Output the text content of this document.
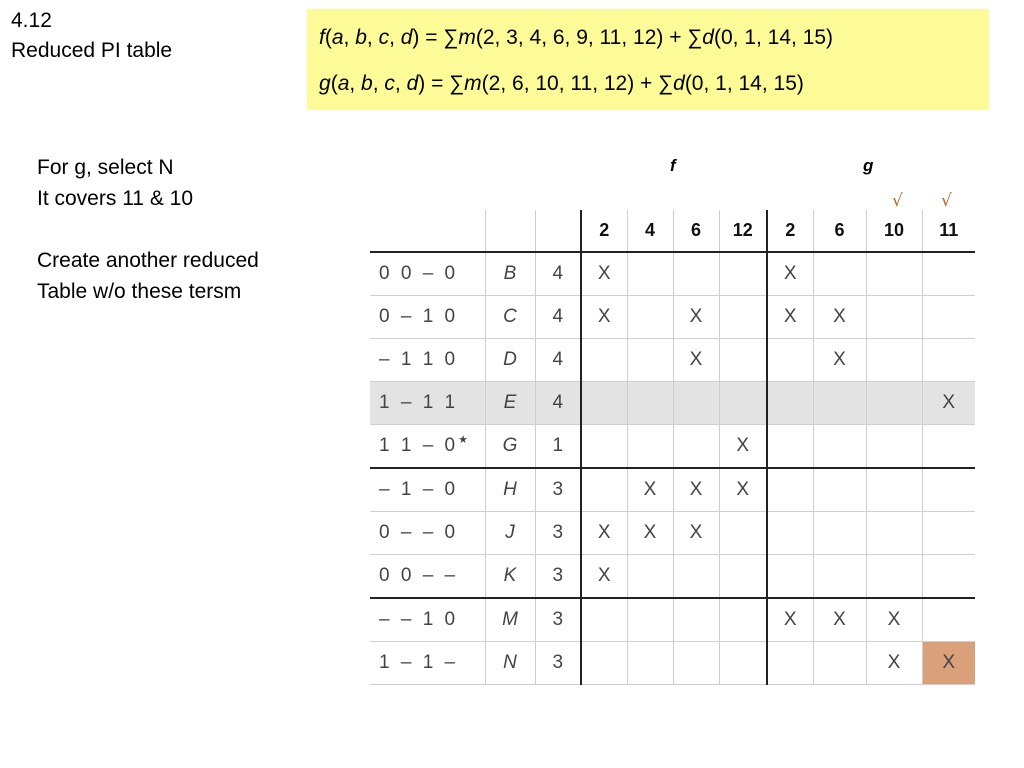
4.12
Reduced PI table
f(a, b, c, d) = ∑m(2, 3, 4, 6, 9, 11, 12) + ∑d(0, 1, 14, 15)
g(a, b, c, d) = ∑m(2, 6, 10, 11, 12) + ∑d(0, 1, 14, 15)
For g, select N
It covers 11 & 10
Create another reduced
Table w/o these tersm
f	g
√ √
			2	4	6	12	2	6	10	11
0 0 – 0	B	4	X				X			
0 – 1 0	C	4	X		X		X	X		
– 1 1 0	D	4			X			X		
1 – 1 1	E	4								X
1 1 – 0★	G	1				X				
– 1 – 0	H	3		X	X	X				
0 – – 0	J	3	X	X	X					
0 0 – –	K	3	X							
– – 1 0	M	3					X	X	X	
1 – 1 –	N	3							X	X
